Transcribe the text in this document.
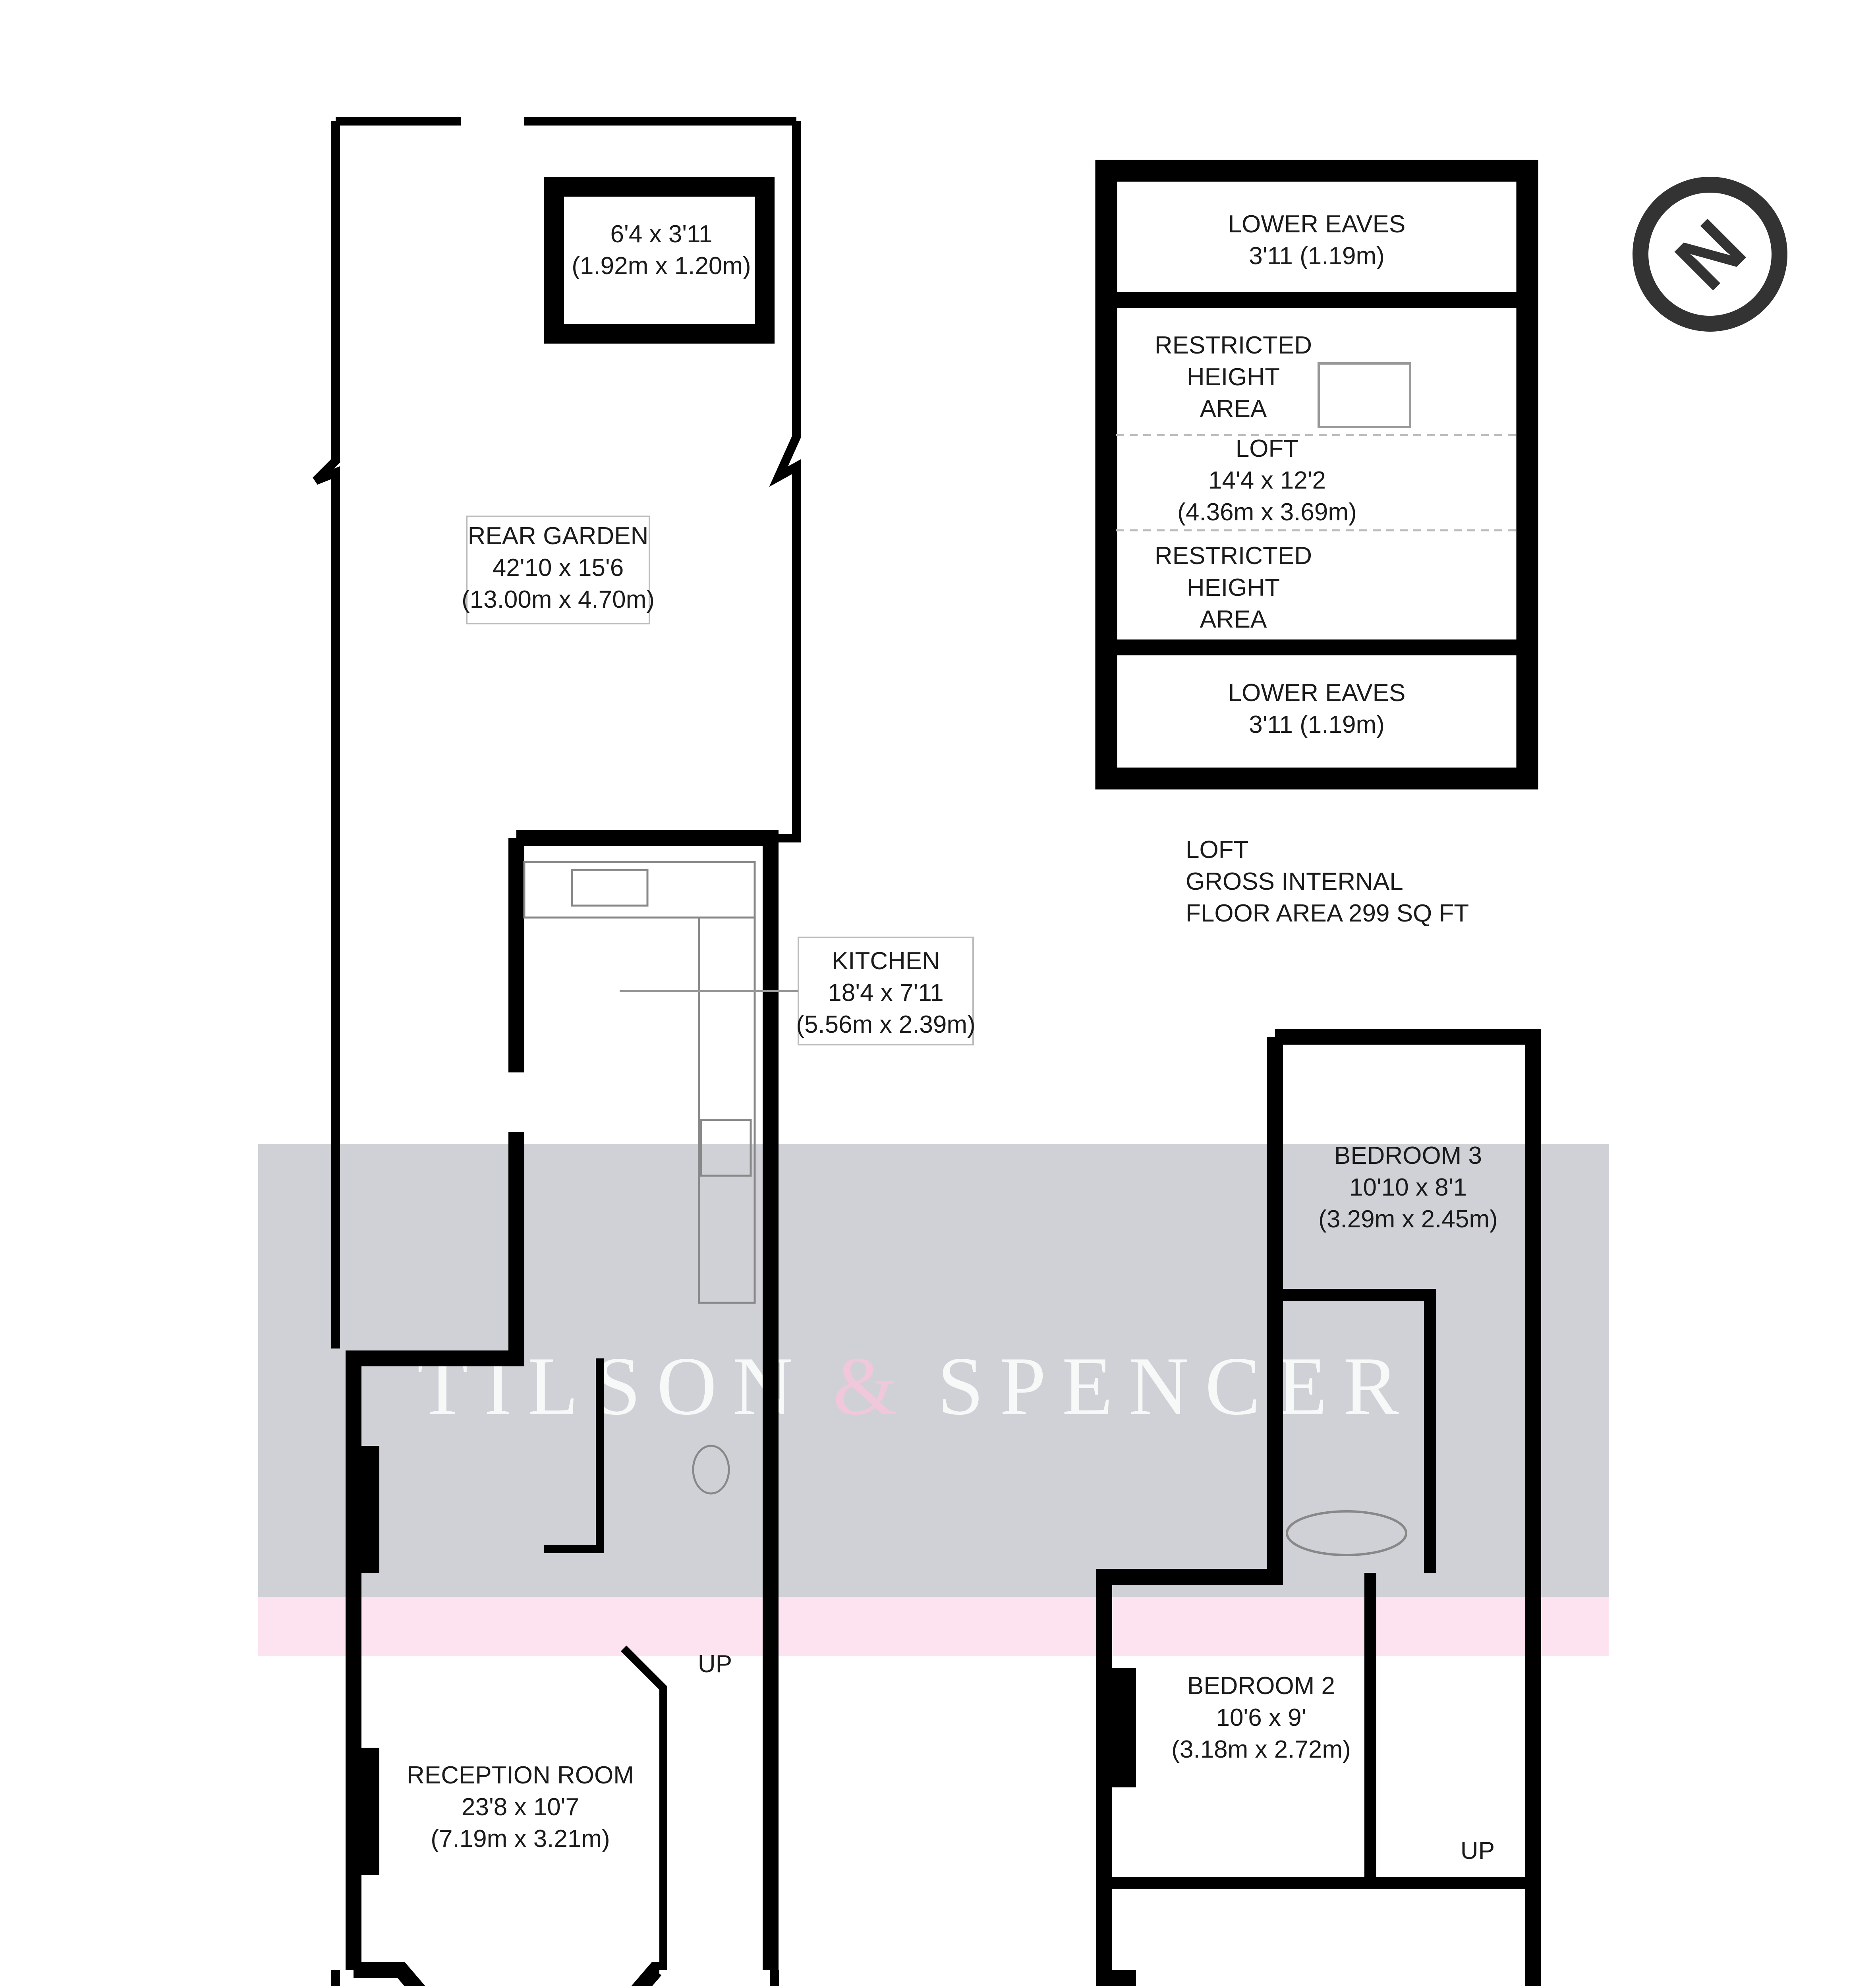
TILSON & SPENCER
N
6'4 x 3'11
(1.92m x 1.20m)
REAR GARDEN
42'10 x 15'6
(13.00m x 4.70m)
KITCHEN
18'4 x 7'11
(5.56m x 2.39m)
RECEPTION ROOM
23'8 x 10'7
(7.19m x 3.21m)
UP
LOWER EAVES
3'11 (1.19m)
RESTRICTED
HEIGHT
AREA
LOFT
14'4 x 12'2
(4.36m x 3.69m)
RESTRICTED
HEIGHT
AREA
LOWER EAVES
3'11 (1.19m)
BEDROOM 3
10'10 x 8'1
(3.29m x 2.45m)
BEDROOM 2
10'6 x 9'
(3.18m x 2.72m)
UP
LOFT
GROSS INTERNAL
FLOOR AREA 299 SQ FT
